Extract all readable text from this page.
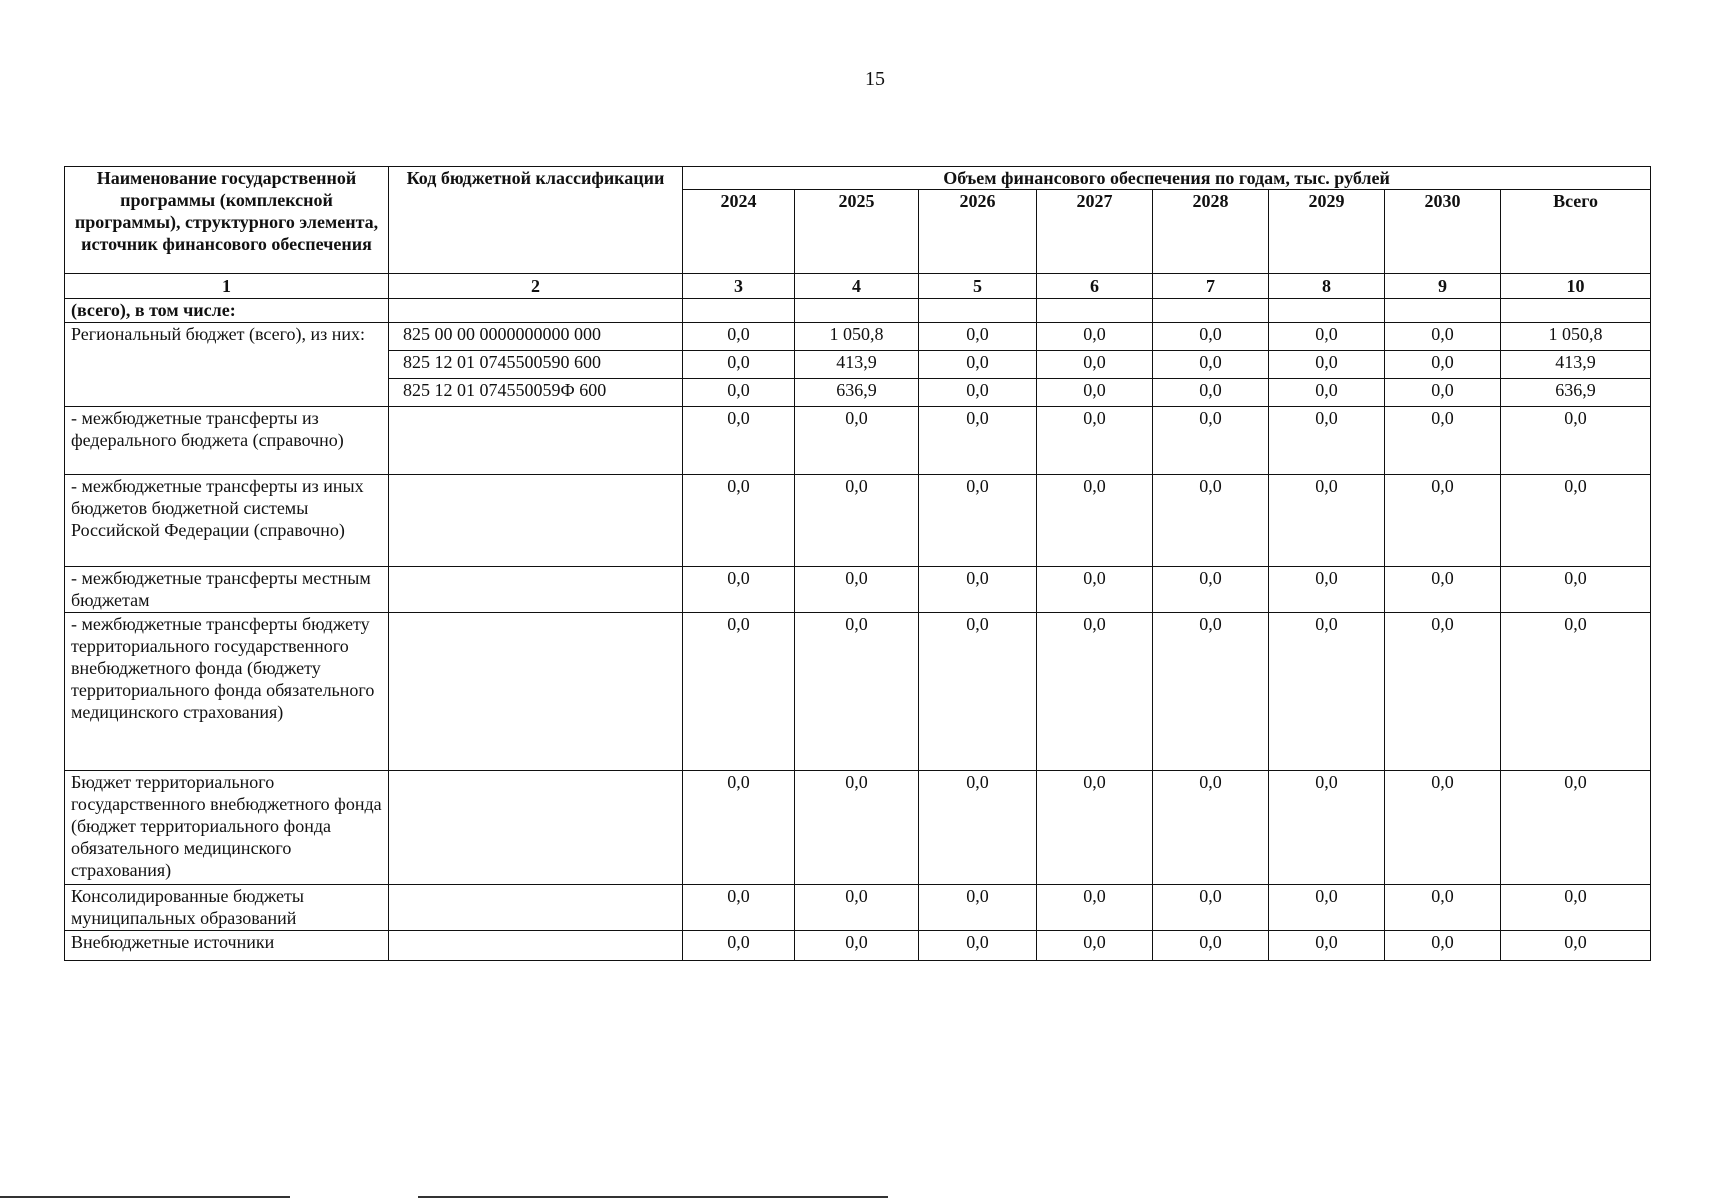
15
Наименование государственной программы (комплексной программы), структурного элемента, источник финансового обеспечения	Код бюджетной классификации	Объем финансового обеспечения по годам, тыс. рублей							
		2024	2025	2026	2027	2028	2029	2030	Всего
1	2	3	4	5	6	7	8	9	10
(всего), в том числе:									
Региональный бюджет (всего), из них:	825 00 00 0000000000 000	0,0	1 050,8	0,0	0,0	0,0	0,0	0,0	1 050,8
	825 12 01 0745500590 600	0,0	413,9	0,0	0,0	0,0	0,0	0,0	413,9
	825 12 01 074550059Ф 600	0,0	636,9	0,0	0,0	0,0	0,0	0,0	636,9
- межбюджетные трансферты из федерального бюджета (справочно)		0,0	0,0	0,0	0,0	0,0	0,0	0,0	0,0
- межбюджетные трансферты из иных бюджетов бюджетной системы Российской Федерации (справочно)		0,0	0,0	0,0	0,0	0,0	0,0	0,0	0,0
- межбюджетные трансферты местным бюджетам		0,0	0,0	0,0	0,0	0,0	0,0	0,0	0,0
- межбюджетные трансферты бюджету территориального государственного внебюджетного фонда (бюджету территориального фонда обязательного медицинского страхования)		0,0	0,0	0,0	0,0	0,0	0,0	0,0	0,0
Бюджет территориального государственного внебюджетного фонда (бюджет территориального фонда обязательного медицинского страхования)		0,0	0,0	0,0	0,0	0,0	0,0	0,0	0,0
Консолидированные бюджеты муниципальных образований		0,0	0,0	0,0	0,0	0,0	0,0	0,0	0,0
Внебюджетные источники		0,0	0,0	0,0	0,0	0,0	0,0	0,0	0,0
